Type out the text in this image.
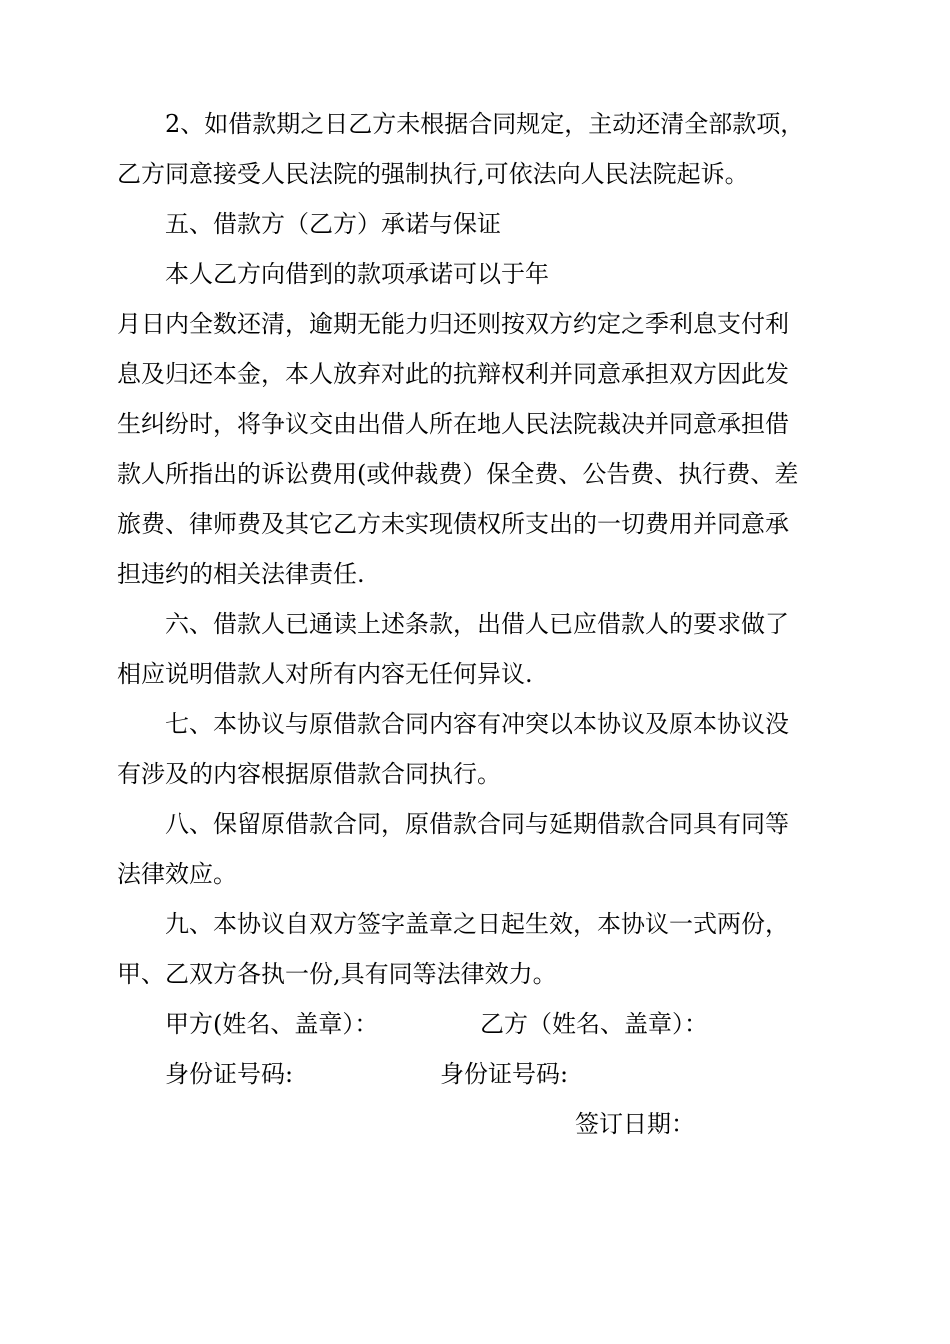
2、如借款期之日乙方未根据合同规定，主动还清全部款项，
乙方同意接受人民法院的强制执行,可依法向人民法院起诉。
五、借款方（乙方）承诺与保证
本人乙方向借到的款项承诺可以于年
月日内全数还清，逾期无能力归还则按双方约定之季利息支付利
息及归还本金，本人放弃对此的抗辩权利并同意承担双方因此发
生纠纷时，将争议交由出借人所在地人民法院裁决并同意承担借
款人所指出的诉讼费用(或仲裁费）保全费、公告费、执行费、差
旅费、律师费及其它乙方未实现债权所支出的一切费用并同意承
担违约的相关法律责任.
六、借款人已通读上述条款，出借人已应借款人的要求做了
相应说明借款人对所有内容无任何异议.
七、本协议与原借款合同内容有冲突以本协议及原本协议没
有涉及的内容根据原借款合同执行。
八、保留原借款合同，原借款合同与延期借款合同具有同等
法律效应。
九、本协议自双方签字盖章之日起生效，本协议一式两份，
甲、乙双方各执一份,具有同等法律效力。
甲方(姓名、盖章）：	乙方（姓名、盖章）：
身份证号码:	身份证号码:
签订日期：
